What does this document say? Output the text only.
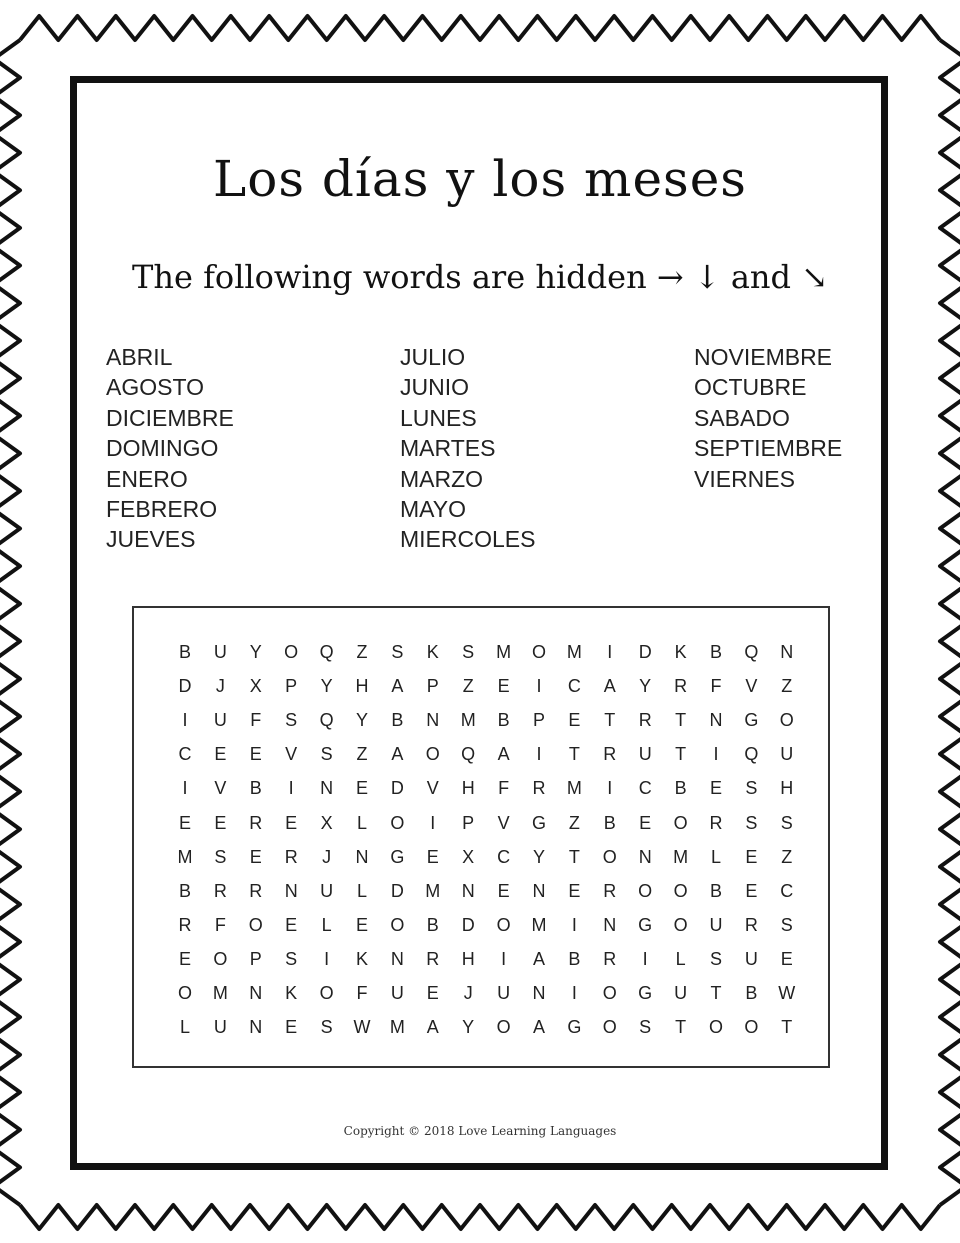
Los días y los meses
The following words are hidden → ↓ and ↘
ABRIL
AGOSTO
DICIEMBRE
DOMINGO
ENERO
FEBRERO
JUEVES
JULIO
JUNIO
LUNES
MARTES
MARZO
MAYO
MIERCOLES
NOVIEMBRE
OCTUBRE
SABADO
SEPTIEMBRE
VIERNES
B	U	Y	O	Q	Z	S	K	S	M	O	M	I	D	K	B	Q	N
D	J	X	P	Y	H	A	P	Z	E	I	C	A	Y	R	F	V	Z
I	U	F	S	Q	Y	B	N	M	B	P	E	T	R	T	N	G	O
C	E	E	V	S	Z	A	O	Q	A	I	T	R	U	T	I	Q	U
I	V	B	I	N	E	D	V	H	F	R	M	I	C	B	E	S	H
E	E	R	E	X	L	O	I	P	V	G	Z	B	E	O	R	S	S
M	S	E	R	J	N	G	E	X	C	Y	T	O	N	M	L	E	Z
B	R	R	N	U	L	D	M	N	E	N	E	R	O	O	B	E	C
R	F	O	E	L	E	O	B	D	O	M	I	N	G	O	U	R	S
E	O	P	S	I	K	N	R	H	I	A	B	R	I	L	S	U	E
O	M	N	K	O	F	U	E	J	U	N	I	O	G	U	T	B	W
L	U	N	E	S	W	M	A	Y	O	A	G	O	S	T	O	O	T
Copyright © 2018 Love Learning Languages
